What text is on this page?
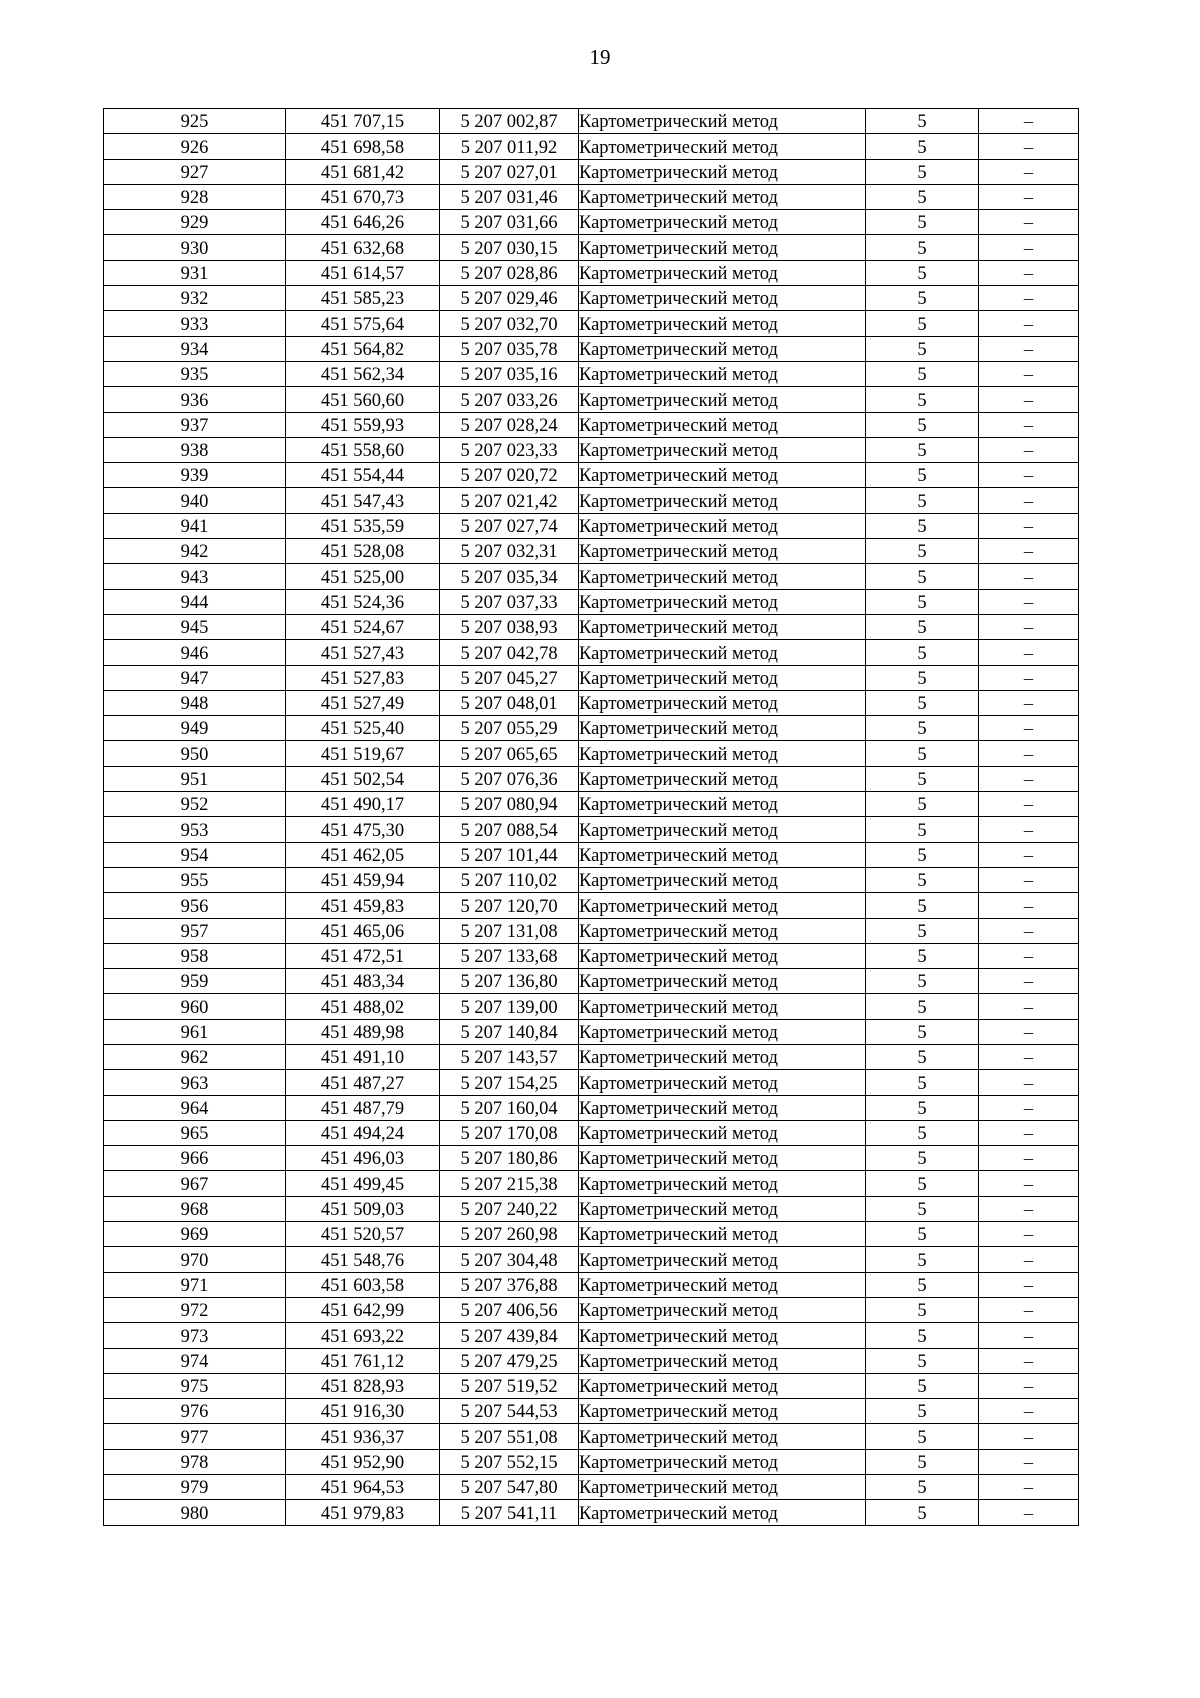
19
925	451 707,15	5 207 002,87	Картометрический метод	5	–
926	451 698,58	5 207 011,92	Картометрический метод	5	–
927	451 681,42	5 207 027,01	Картометрический метод	5	–
928	451 670,73	5 207 031,46	Картометрический метод	5	–
929	451 646,26	5 207 031,66	Картометрический метод	5	–
930	451 632,68	5 207 030,15	Картометрический метод	5	–
931	451 614,57	5 207 028,86	Картометрический метод	5	–
932	451 585,23	5 207 029,46	Картометрический метод	5	–
933	451 575,64	5 207 032,70	Картометрический метод	5	–
934	451 564,82	5 207 035,78	Картометрический метод	5	–
935	451 562,34	5 207 035,16	Картометрический метод	5	–
936	451 560,60	5 207 033,26	Картометрический метод	5	–
937	451 559,93	5 207 028,24	Картометрический метод	5	–
938	451 558,60	5 207 023,33	Картометрический метод	5	–
939	451 554,44	5 207 020,72	Картометрический метод	5	–
940	451 547,43	5 207 021,42	Картометрический метод	5	–
941	451 535,59	5 207 027,74	Картометрический метод	5	–
942	451 528,08	5 207 032,31	Картометрический метод	5	–
943	451 525,00	5 207 035,34	Картометрический метод	5	–
944	451 524,36	5 207 037,33	Картометрический метод	5	–
945	451 524,67	5 207 038,93	Картометрический метод	5	–
946	451 527,43	5 207 042,78	Картометрический метод	5	–
947	451 527,83	5 207 045,27	Картометрический метод	5	–
948	451 527,49	5 207 048,01	Картометрический метод	5	–
949	451 525,40	5 207 055,29	Картометрический метод	5	–
950	451 519,67	5 207 065,65	Картометрический метод	5	–
951	451 502,54	5 207 076,36	Картометрический метод	5	–
952	451 490,17	5 207 080,94	Картометрический метод	5	–
953	451 475,30	5 207 088,54	Картометрический метод	5	–
954	451 462,05	5 207 101,44	Картометрический метод	5	–
955	451 459,94	5 207 110,02	Картометрический метод	5	–
956	451 459,83	5 207 120,70	Картометрический метод	5	–
957	451 465,06	5 207 131,08	Картометрический метод	5	–
958	451 472,51	5 207 133,68	Картометрический метод	5	–
959	451 483,34	5 207 136,80	Картометрический метод	5	–
960	451 488,02	5 207 139,00	Картометрический метод	5	–
961	451 489,98	5 207 140,84	Картометрический метод	5	–
962	451 491,10	5 207 143,57	Картометрический метод	5	–
963	451 487,27	5 207 154,25	Картометрический метод	5	–
964	451 487,79	5 207 160,04	Картометрический метод	5	–
965	451 494,24	5 207 170,08	Картометрический метод	5	–
966	451 496,03	5 207 180,86	Картометрический метод	5	–
967	451 499,45	5 207 215,38	Картометрический метод	5	–
968	451 509,03	5 207 240,22	Картометрический метод	5	–
969	451 520,57	5 207 260,98	Картометрический метод	5	–
970	451 548,76	5 207 304,48	Картометрический метод	5	–
971	451 603,58	5 207 376,88	Картометрический метод	5	–
972	451 642,99	5 207 406,56	Картометрический метод	5	–
973	451 693,22	5 207 439,84	Картометрический метод	5	–
974	451 761,12	5 207 479,25	Картометрический метод	5	–
975	451 828,93	5 207 519,52	Картометрический метод	5	–
976	451 916,30	5 207 544,53	Картометрический метод	5	–
977	451 936,37	5 207 551,08	Картометрический метод	5	–
978	451 952,90	5 207 552,15	Картометрический метод	5	–
979	451 964,53	5 207 547,80	Картометрический метод	5	–
980	451 979,83	5 207 541,11	Картометрический метод	5	–
